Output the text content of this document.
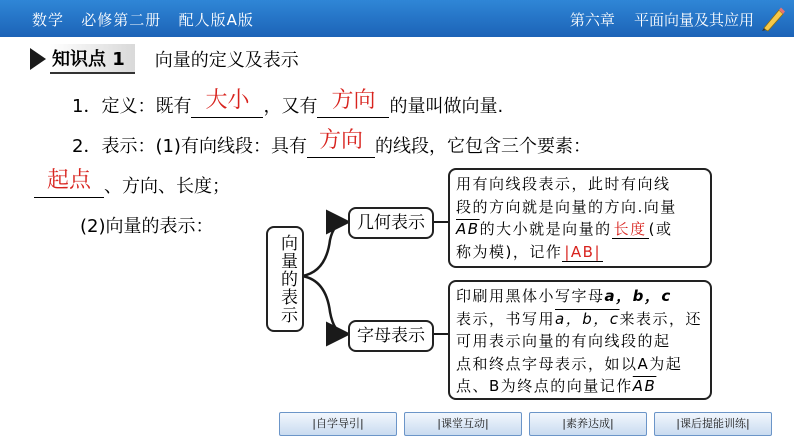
数学   必修第二册   配人版A版	第六章    平面向量及其应用
知识点 1	向量的定义及表示
1．定义：既有 大小 ，又有 方向 的量叫做向量.
2．表示：(1)有向线段：具有 方向 的线段，它包含三个要素：
起点 、方向、长度；
(2)向量的表示：
向量的表示
几何表示
字母表示
用有向线段表示，此时有向线
段的方向就是向量的方向.向量
$\overline{AB}$的大小就是向量的 长度 (或
称为模)，记作 |AB|
印刷用黑体小写字母a，b，c
表示，书写用a，b，c来表示，还
可用表示向量的有向线段的起
点和终点字母表示，如以A为起
点、B为终点的向量记作$\overline{AB}$
|自学导引|	|课堂互动|	|素养达成|	|课后提能训练|
